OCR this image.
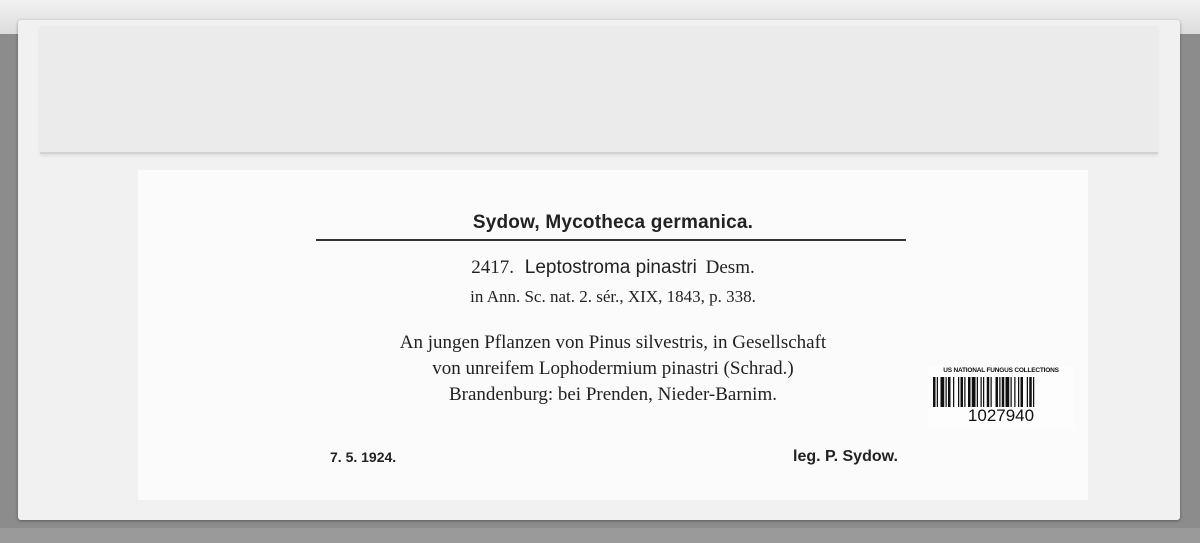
Sydow, Mycotheca germanica.
2417. Leptostroma pinastri Desm.
in Ann. Sc. nat. 2. sér., XIX, 1843, p. 338.
An jungen Pflanzen von Pinus silvestris, in Gesellschaft
von unreifem Lophodermium pinastri (Schrad.)
Brandenburg: bei Prenden, Nieder-Barnim.
7. 5. 1924.	leg. P. Sydow.
US NATIONAL FUNGUS COLLECTIONS
1027940
